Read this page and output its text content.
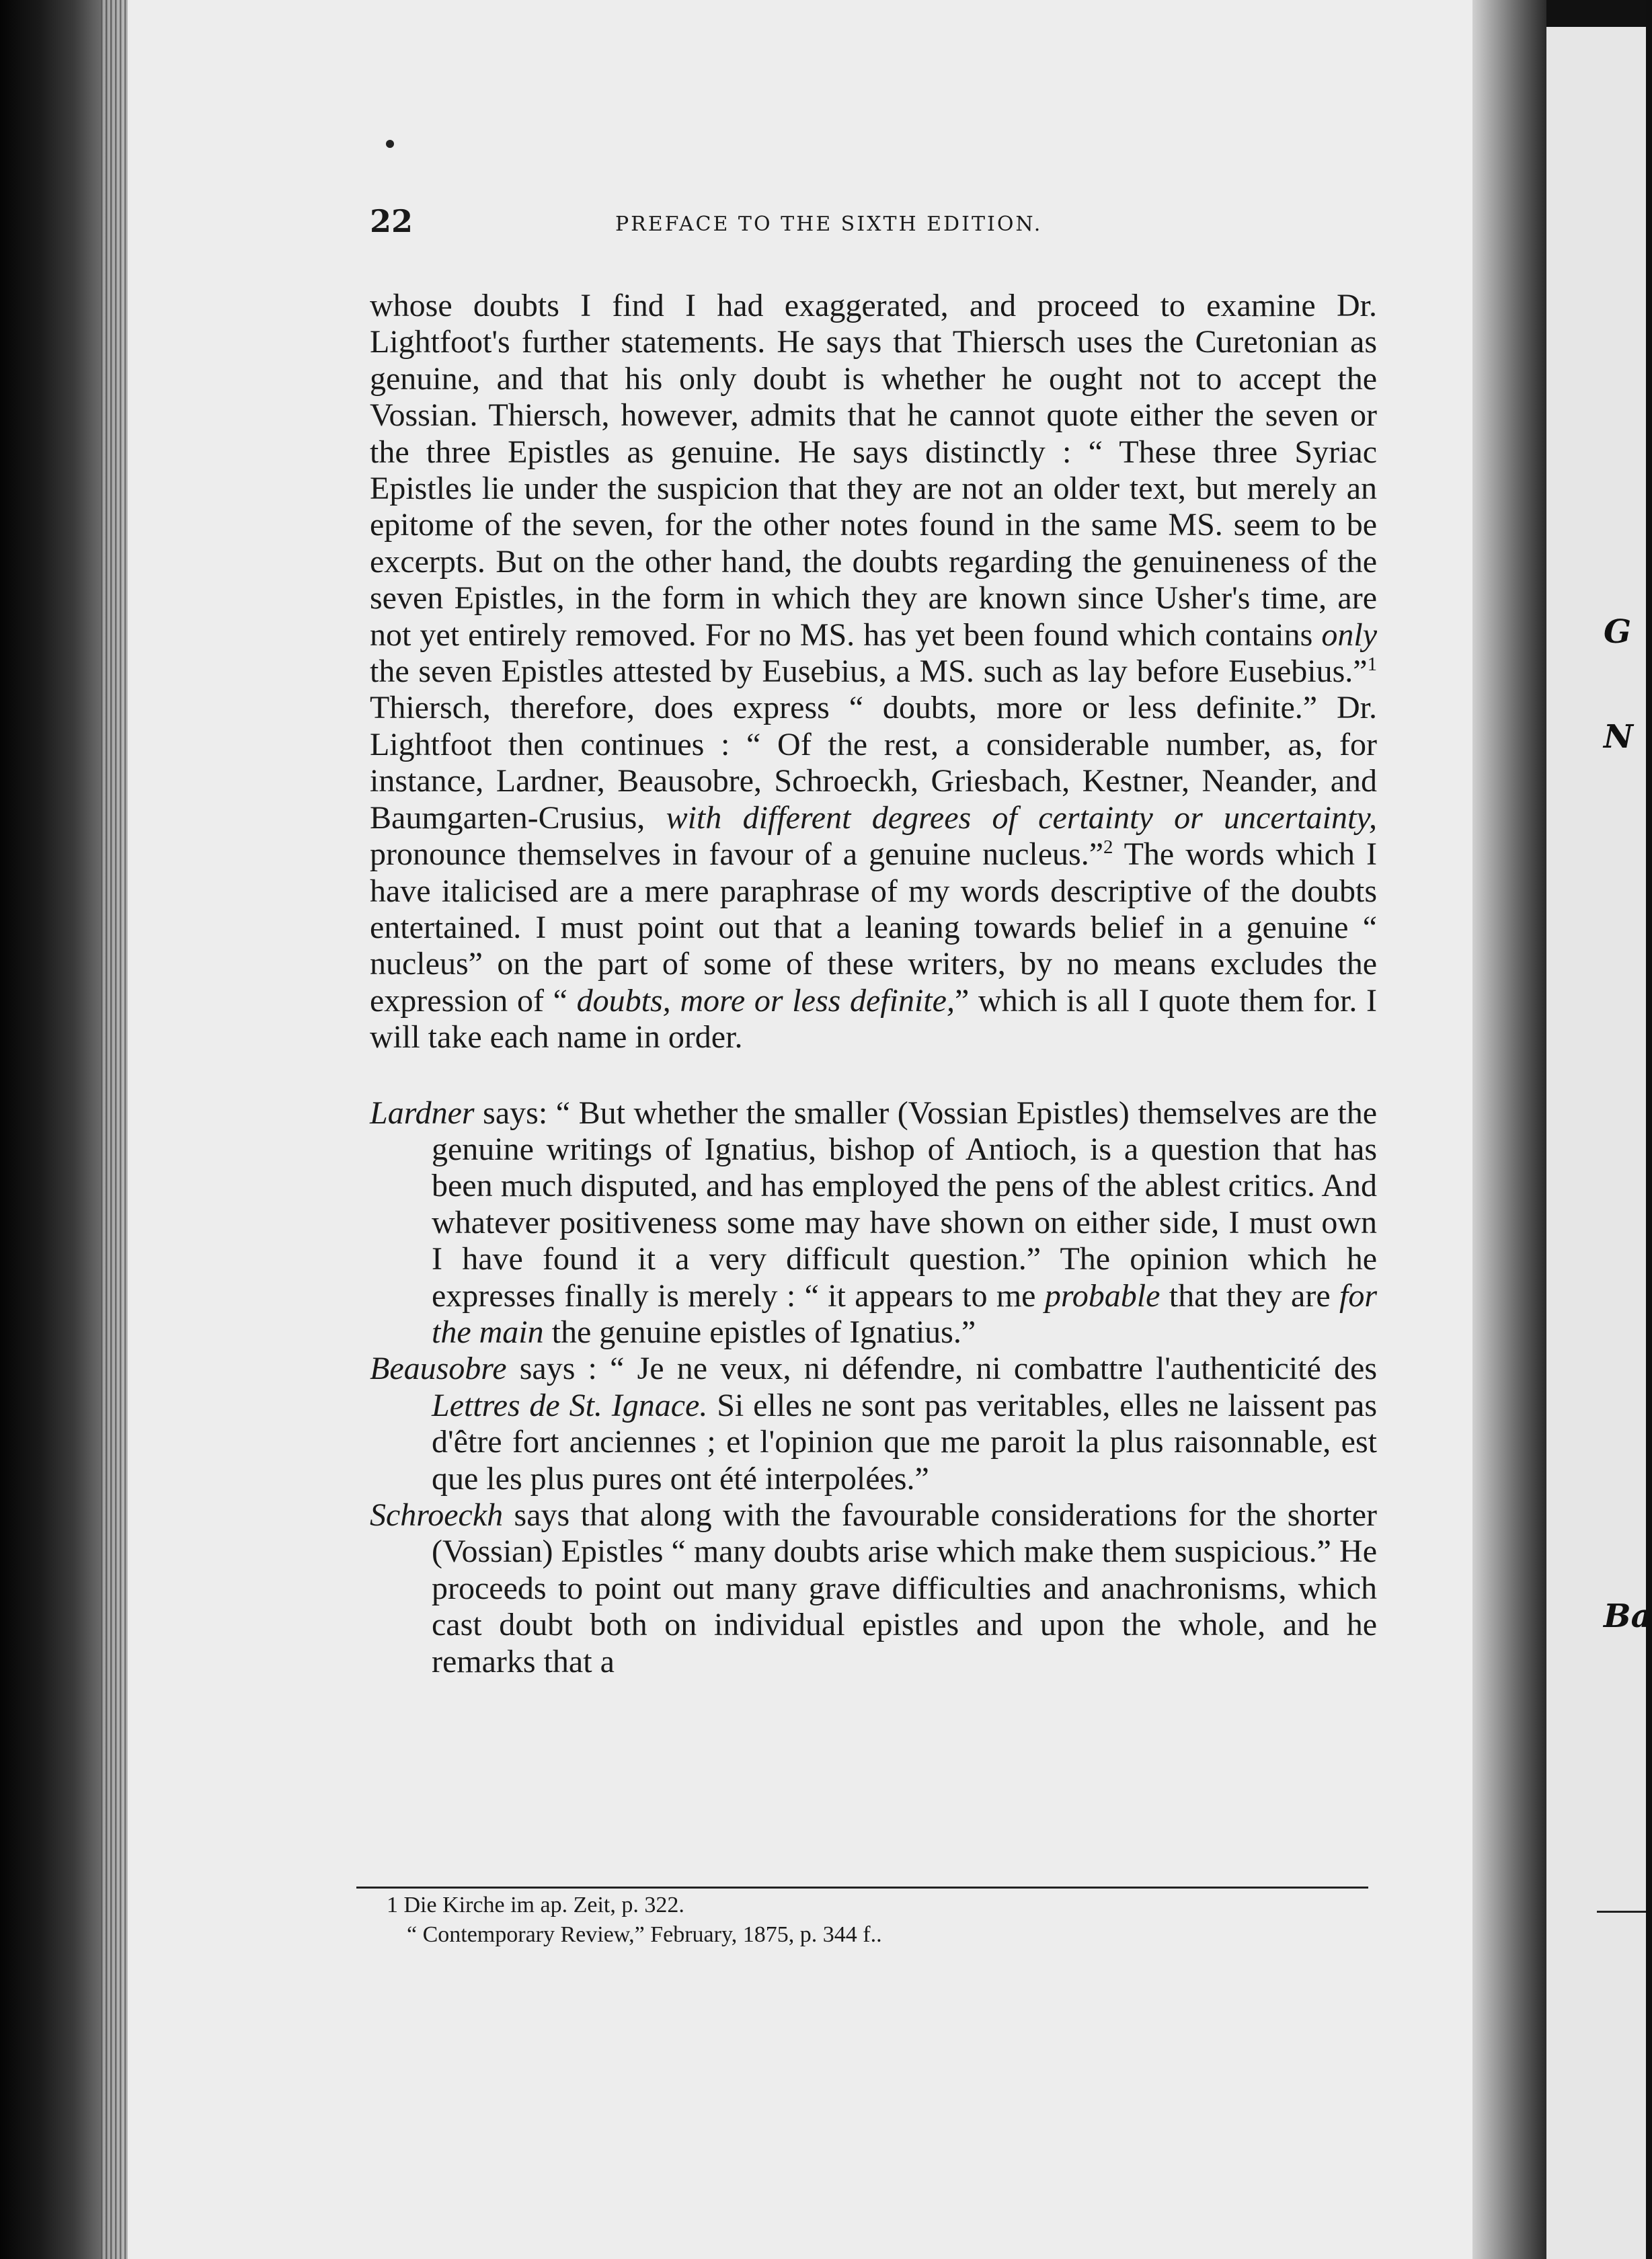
G

N

Ba

22	PREFACE TO THE SIXTH EDITION.

whose doubts I find I had exaggerated, and proceed to examine Dr. Lightfoot's further statements. He says that Thiersch uses the Curetonian as genuine, and that his only doubt is whether he ought not to accept the Vossian. Thiersch, however, admits that he cannot quote either the seven or the three Epistles as genuine. He says distinctly : “ These three Syriac Epistles lie under the suspicion that they are not an older text, but merely an epitome of the seven, for the other notes found in the same MS. seem to be excerpts. But on the other hand, the doubts regarding the genuineness of the seven Epistles, in the form in which they are known since Usher's time, are not yet entirely removed. For no MS. has yet been found which contains only the seven Epistles attested by Eusebius, a MS. such as lay before Eusebius.”$^1$ Thiersch, therefore, does express “ doubts, more or less definite.” Dr. Lightfoot then continues : “ Of the rest, a considerable number, as, for instance, Lardner, Beausobre, Schroeckh, Griesbach, Kestner, Neander, and Baumgarten-Crusius, with different degrees of certainty or uncertainty, pronounce themselves in favour of a genuine nucleus.”$^2$ The words which I have italicised are a mere paraphrase of my words descriptive of the doubts entertained. I must point out that a leaning towards belief in a genuine “ nucleus” on the part of some of these writers, by no means excludes the expression of “ doubts, more or less definite,” which is all I quote them for. I will take each name in order.

Lardner says: “ But whether the smaller (Vossian Epistles) themselves are the genuine writings of Ignatius, bishop of Antioch, is a question that has been much disputed, and has employed the pens of the ablest critics. And whatever positiveness some may have shown on either side, I must own I have found it a very difficult question.” The opinion which he expresses finally is merely : “ it appears to me probable that they are for the main the genuine epistles of Ignatius.”

Beausobre says : “ Je ne veux, ni défendre, ni combattre l'authenticité des Lettres de St. Ignace. Si elles ne sont pas veritables, elles ne laissent pas d'être fort anciennes ; et l'opinion que me paroit la plus raisonnable, est que les plus pures ont été interpolées.”

Schroeckh says that along with the favourable considerations for the shorter (Vossian) Epistles “ many doubts arise which make them suspicious.” He proceeds to point out many grave difficulties and anachronisms, which cast doubt both on individual epistles and upon the whole, and he remarks that a

1 Die Kirche im ap. Zeit, p. 322.

“ Contemporary Review,” February, 1875, p. 344 f..
